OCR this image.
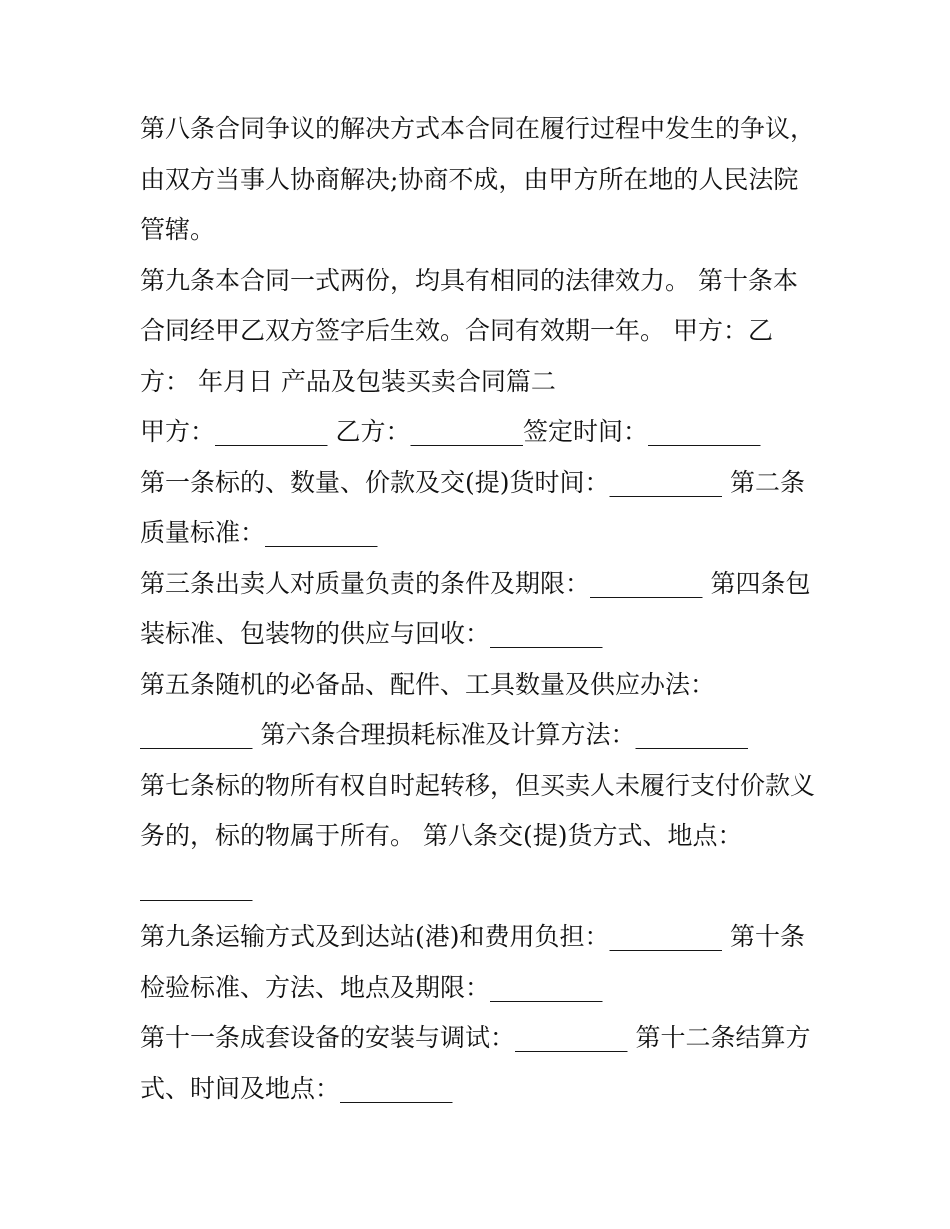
第八条合同争议的解决方式本合同在履行过程中发生的争议，
由双方当事人协商解决;协商不成，由甲方所在地的人民法院
管辖。
第九条本合同一式两份，均具有相同的法律效力。 第十条本
合同经甲乙双方签字后生效。合同有效期一年。 甲方：乙
方： 年月日 产品及包装买卖合同篇二
甲方：_________ 乙方：_________签定时间：_________
第一条标的、数量、价款及交(提)货时间：_________ 第二条
质量标准：_________
第三条出卖人对质量负责的条件及期限：_________ 第四条包
装标准、包装物的供应与回收：_________
第五条随机的必备品、配件、工具数量及供应办法：
_________ 第六条合理损耗标准及计算方法：_________
第七条标的物所有权自时起转移，但买卖人未履行支付价款义
务的，标的物属于所有。 第八条交(提)货方式、地点：
_________
第九条运输方式及到达站(港)和费用负担：_________ 第十条
检验标准、方法、地点及期限：_________
第十一条成套设备的安装与调试：_________ 第十二条结算方
式、时间及地点：_________
